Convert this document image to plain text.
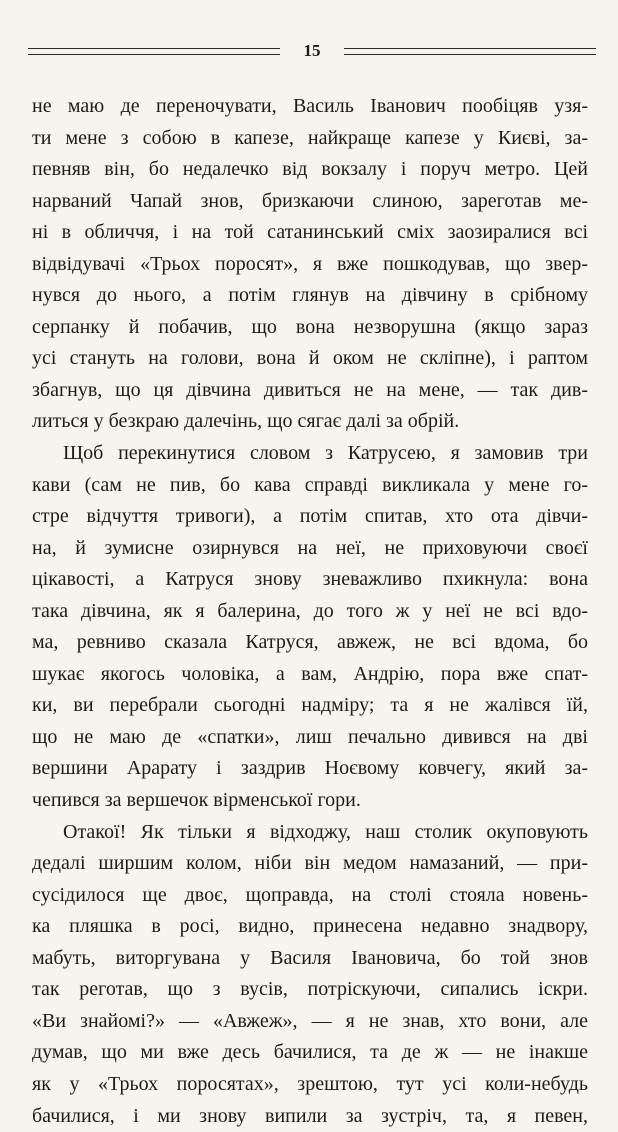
15
не маю де переночувати, Василь Іванович пообіцяв узя-
ти мене з собою в капезе, найкраще капезе у Києві, за-
певняв він, бо недалечко від вокзалу і поруч метро. Цей
нарваний Чапай знов, бризкаючи слиною, зареготав ме-
ні в обличчя, і на той сатанинський сміх заозиралися всі
відвідувачі «Трьох поросят», я вже пошкодував, що звер-
нувся до нього, а потім глянув на дівчину в срібному
серпанку й побачив, що вона незворушна (якщо зараз
усі стануть на голови, вона й оком не скліпне), і раптом
збагнув, що ця дівчина дивиться не на мене, — так див-
литься у безкраю далечінь, що сягає далі за обрій.
Щоб перекинутися словом з Катрусею, я замовив три
кави (сам не пив, бо кава справді викликала у мене го-
стре відчуття тривоги), а потім спитав, хто ота дівчи-
на, й зумисне озирнувся на неї, не приховуючи своєї
цікавості, а Катруся знову зневажливо пхикнула: вона
така дівчина, як я балерина, до того ж у неї не всі вдо-
ма, ревниво сказала Катруся, авжеж, не всі вдома, бо
шукає якогось чоловіка, а вам, Андрію, пора вже спат-
ки, ви перебрали сьогодні надміру; та я не жалівся їй,
що не маю де «спатки», лиш печально дивився на дві
вершини Арарату і заздрив Ноєвому ковчегу, який за-
чепився за вершечок вірменської гори.
Отакої! Як тільки я відходжу, наш столик окуповують
дедалі ширшим колом, ніби він медом намазаний, — при-
сусідилося ще двоє, щоправда, на столі стояла новень-
ка пляшка в росі, видно, принесена недавно знадвору,
мабуть, виторгувана у Василя Івановича, бо той знов
так реготав, що з вусів, потріскуючи, сипались іскри.
«Ви знайомі?» — «Авжеж», — я не знав, хто вони, але
думав, що ми вже десь бачилися, та де ж — не інакше
як у «Трьох поросятах», зрештою, тут усі коли-небудь
бачилися, і ми знову випили за зустріч, та, я певен,
